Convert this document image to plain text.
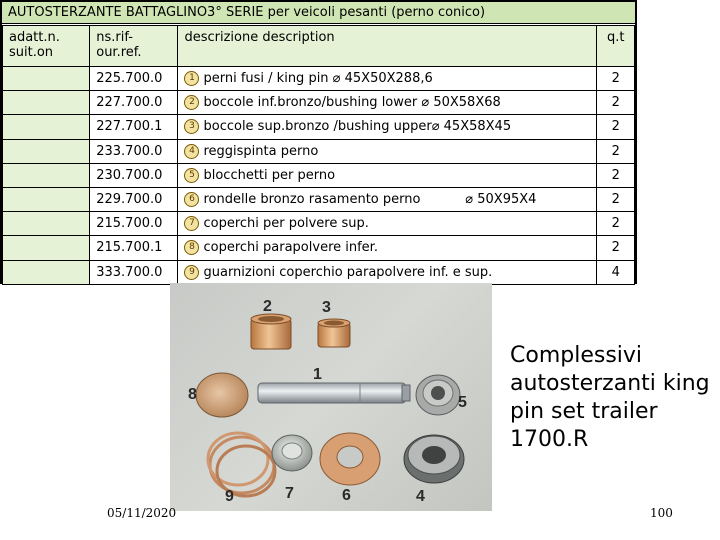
AUTOSTERZANTE BATTAGLINO3° SERIE per veicoli pesanti (perno conico)
adatt.n. suit.on	ns.rif-our.ref.	descrizione description	q.t
	225.700.0	1 perni fusi / king pin ⌀ 45X50X288,6	2
	227.700.0	2 boccole inf.bronzo/bushing lower ⌀ 50X58X68	2
	227.700.1	3 boccole sup.bronzo /bushing upper⌀ 45X58X45	2
	233.700.0	4 reggispinta perno	2
	230.700.0	5 blocchetti per perno	2
	229.700.0	6 rondelle bronzo rasamento perno ⌀ 50X95X4	2
	215.700.0	7 coperchi per polvere sup.	2
	215.700.1	8 coperchi parapolvere infer.	2
	333.700.0	9 guarnizioni coperchio parapolvere inf. e sup.	4
2	3
1
8	5
9	7	6	4
Complessivi autosterzanti king pin set trailer 1700.R
05/11/2020	100
